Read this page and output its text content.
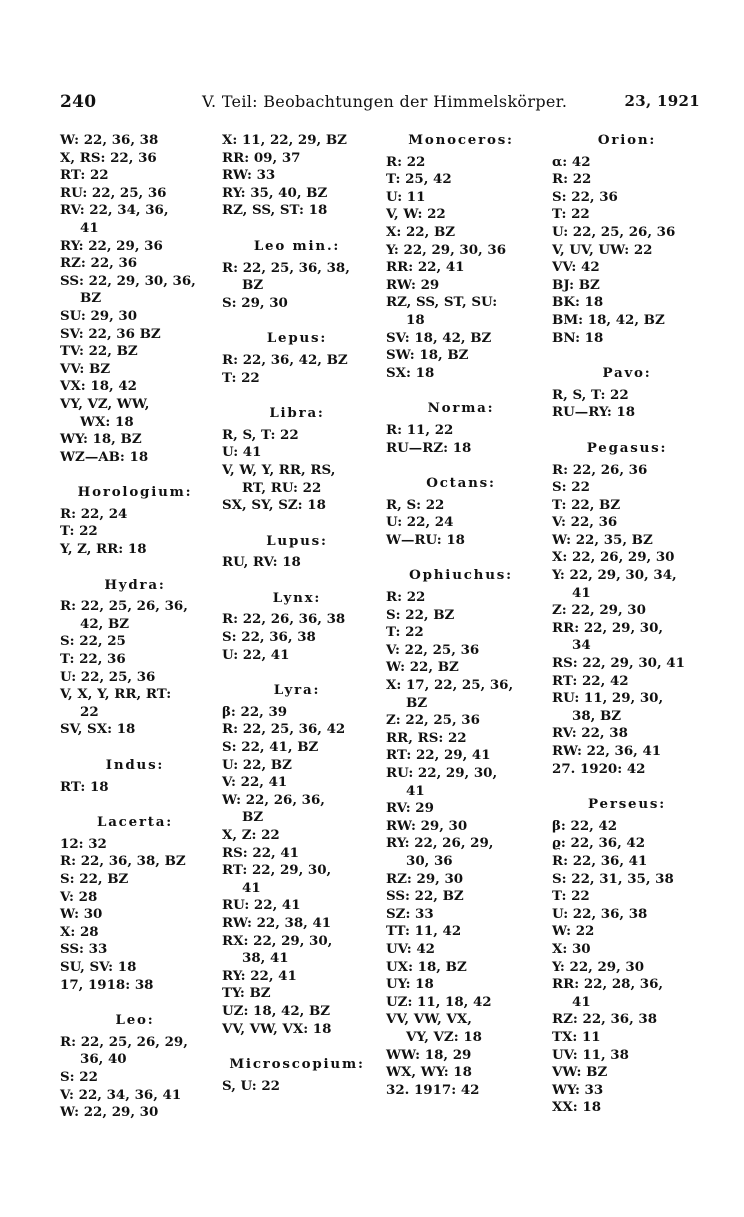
240	V. Teil: Beobachtungen der Himmelskörper.	23, 1921
W: 22, 36, 38
X, RS: 22, 36
RT: 22
RU: 22, 25, 36
RV: 22, 34, 36,
41
RY: 22, 29, 36
RZ: 22, 36
SS: 22, 29, 30, 36,
BZ
SU: 29, 30
SV: 22, 36 BZ
TV: 22, BZ
VV: BZ
VX: 18, 42
VY, VZ, WW,
WX: 18
WY: 18, BZ
WZ—AB: 18
Horologium:
R: 22, 24
T: 22
Y, Z, RR: 18
Hydra:
R: 22, 25, 26, 36,
42, BZ
S: 22, 25
T: 22, 36
U: 22, 25, 36
V, X, Y, RR, RT:
22
SV, SX: 18
Indus:
RT: 18
Lacerta:
12: 32
R: 22, 36, 38, BZ
S: 22, BZ
V: 28
W: 30
X: 28
SS: 33
SU, SV: 18
17, 1918: 38
Leo:
R: 22, 25, 26, 29,
36, 40
S: 22
V: 22, 34, 36, 41
W: 22, 29, 30
X: 11, 22, 29, BZ
RR: 09, 37
RW: 33
RY: 35, 40, BZ
RZ, SS, ST: 18
Leo min.:
R: 22, 25, 36, 38,
BZ
S: 29, 30
Lepus:
R: 22, 36, 42, BZ
T: 22
Libra:
R, S, T: 22
U: 41
V, W, Y, RR, RS,
RT, RU: 22
SX, SY, SZ: 18
Lupus:
RU, RV: 18
Lynx:
R: 22, 26, 36, 38
S: 22, 36, 38
U: 22, 41
Lyra:
β: 22, 39
R: 22, 25, 36, 42
S: 22, 41, BZ
U: 22, BZ
V: 22, 41
W: 22, 26, 36,
BZ
X, Z: 22
RS: 22, 41
RT: 22, 29, 30,
41
RU: 22, 41
RW: 22, 38, 41
RX: 22, 29, 30,
38, 41
RY: 22, 41
TY: BZ
UZ: 18, 42, BZ
VV, VW, VX: 18
Microscopium:
S, U: 22
Monoceros:
R: 22
T: 25, 42
U: 11
V, W: 22
X: 22, BZ
Y: 22, 29, 30, 36
RR: 22, 41
RW: 29
RZ, SS, ST, SU:
18
SV: 18, 42, BZ
SW: 18, BZ
SX: 18
Norma:
R: 11, 22
RU—RZ: 18
Octans:
R, S: 22
U: 22, 24
W—RU: 18
Ophiuchus:
R: 22
S: 22, BZ
T: 22
V: 22, 25, 36
W: 22, BZ
X: 17, 22, 25, 36,
BZ
Z: 22, 25, 36
RR, RS: 22
RT: 22, 29, 41
RU: 22, 29, 30,
41
RV: 29
RW: 29, 30
RY: 22, 26, 29,
30, 36
RZ: 29, 30
SS: 22, BZ
SZ: 33
TT: 11, 42
UV: 42
UX: 18, BZ
UY: 18
UZ: 11, 18, 42
VV, VW, VX,
VY, VZ: 18
WW: 18, 29
WX, WY: 18
32. 1917: 42
Orion:
α: 42
R: 22
S: 22, 36
T: 22
U: 22, 25, 26, 36
V, UV, UW: 22
VV: 42
BJ: BZ
BK: 18
BM: 18, 42, BZ
BN: 18
Pavo:
R, S, T: 22
RU—RY: 18
Pegasus:
R: 22, 26, 36
S: 22
T: 22, BZ
V: 22, 36
W: 22, 35, BZ
X: 22, 26, 29, 30
Y: 22, 29, 30, 34,
41
Z: 22, 29, 30
RR: 22, 29, 30,
34
RS: 22, 29, 30, 41
RT: 22, 42
RU: 11, 29, 30,
38, BZ
RV: 22, 38
RW: 22, 36, 41
27. 1920: 42
Perseus:
β: 22, 42
ϱ: 22, 36, 42
R: 22, 36, 41
S: 22, 31, 35, 38
T: 22
U: 22, 36, 38
W: 22
X: 30
Y: 22, 29, 30
RR: 22, 28, 36,
41
RZ: 22, 36, 38
TX: 11
UV: 11, 38
VW: BZ
WY: 33
XX: 18
